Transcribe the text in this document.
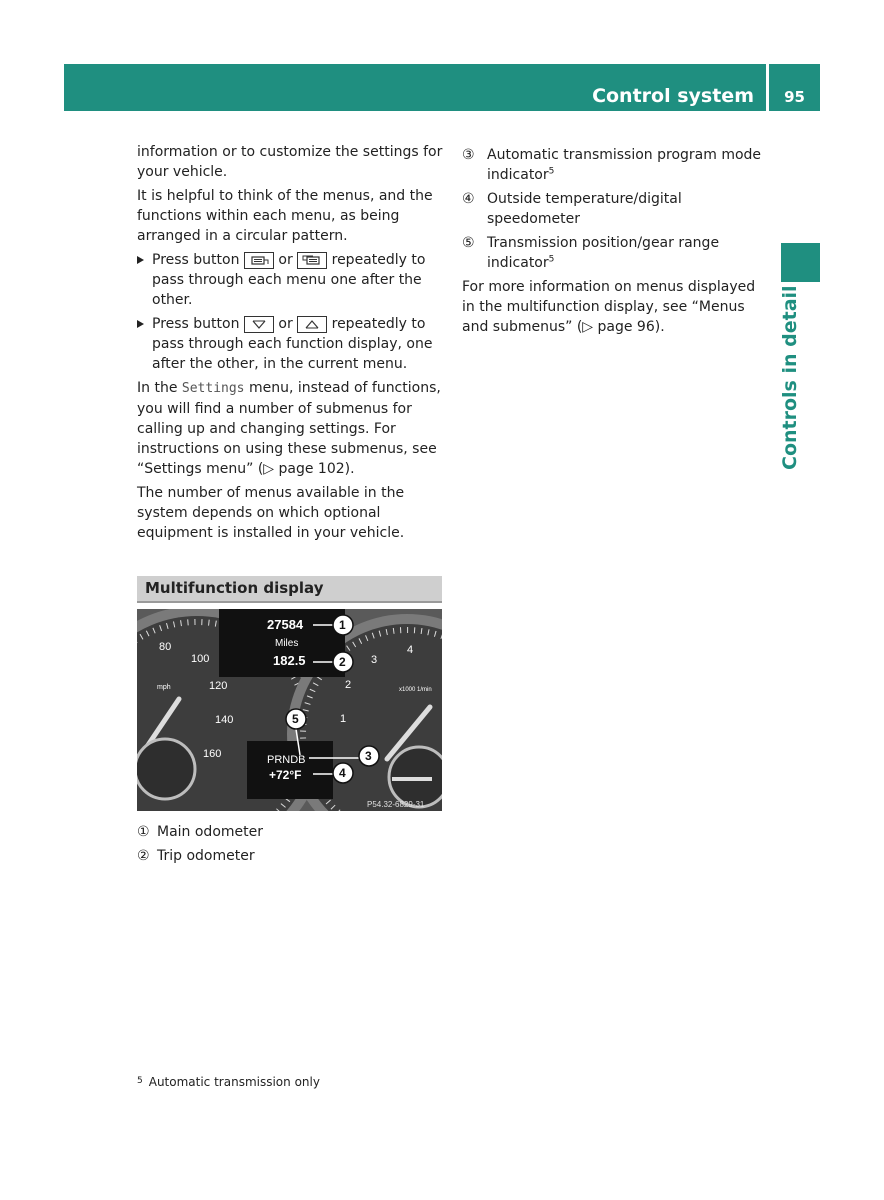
Control system	95
Controls in detail

information or to customize the settings for your vehicle.

It is helpful to think of the menus, and the functions within each menu, as being arranged in a circular pattern.

Press button	or	repeatedly to pass through each menu one after the other.
Press button	or	repeatedly to pass through each function display, one after the other, in the current menu.

In the Settings menu, instead of functions, you will find a number of submenus for calling up and changing settings. For instructions on using these submenus, see “Settings menu” (▷ page 102).

The number of menus available in the system depends on which optional equipment is installed in your vehicle.

Multifunction display
80
100
120
140
160
mph
1
2
3
4
x1000 1/min
27584
Miles
182.5
PRNDB
+72°F
P54.32-6829-31
1
2
3
4
5
① Main odometer
② Trip odometer
③ Automatic transmission program mode indicator$^5$
④ Outside temperature/digital speedometer
⑤ Transmission position/gear range indicator$^5$

For more information on menus displayed in the multifunction display, see “Menus and submenus” (▷ page 96).

$^5$ Automatic transmission only
